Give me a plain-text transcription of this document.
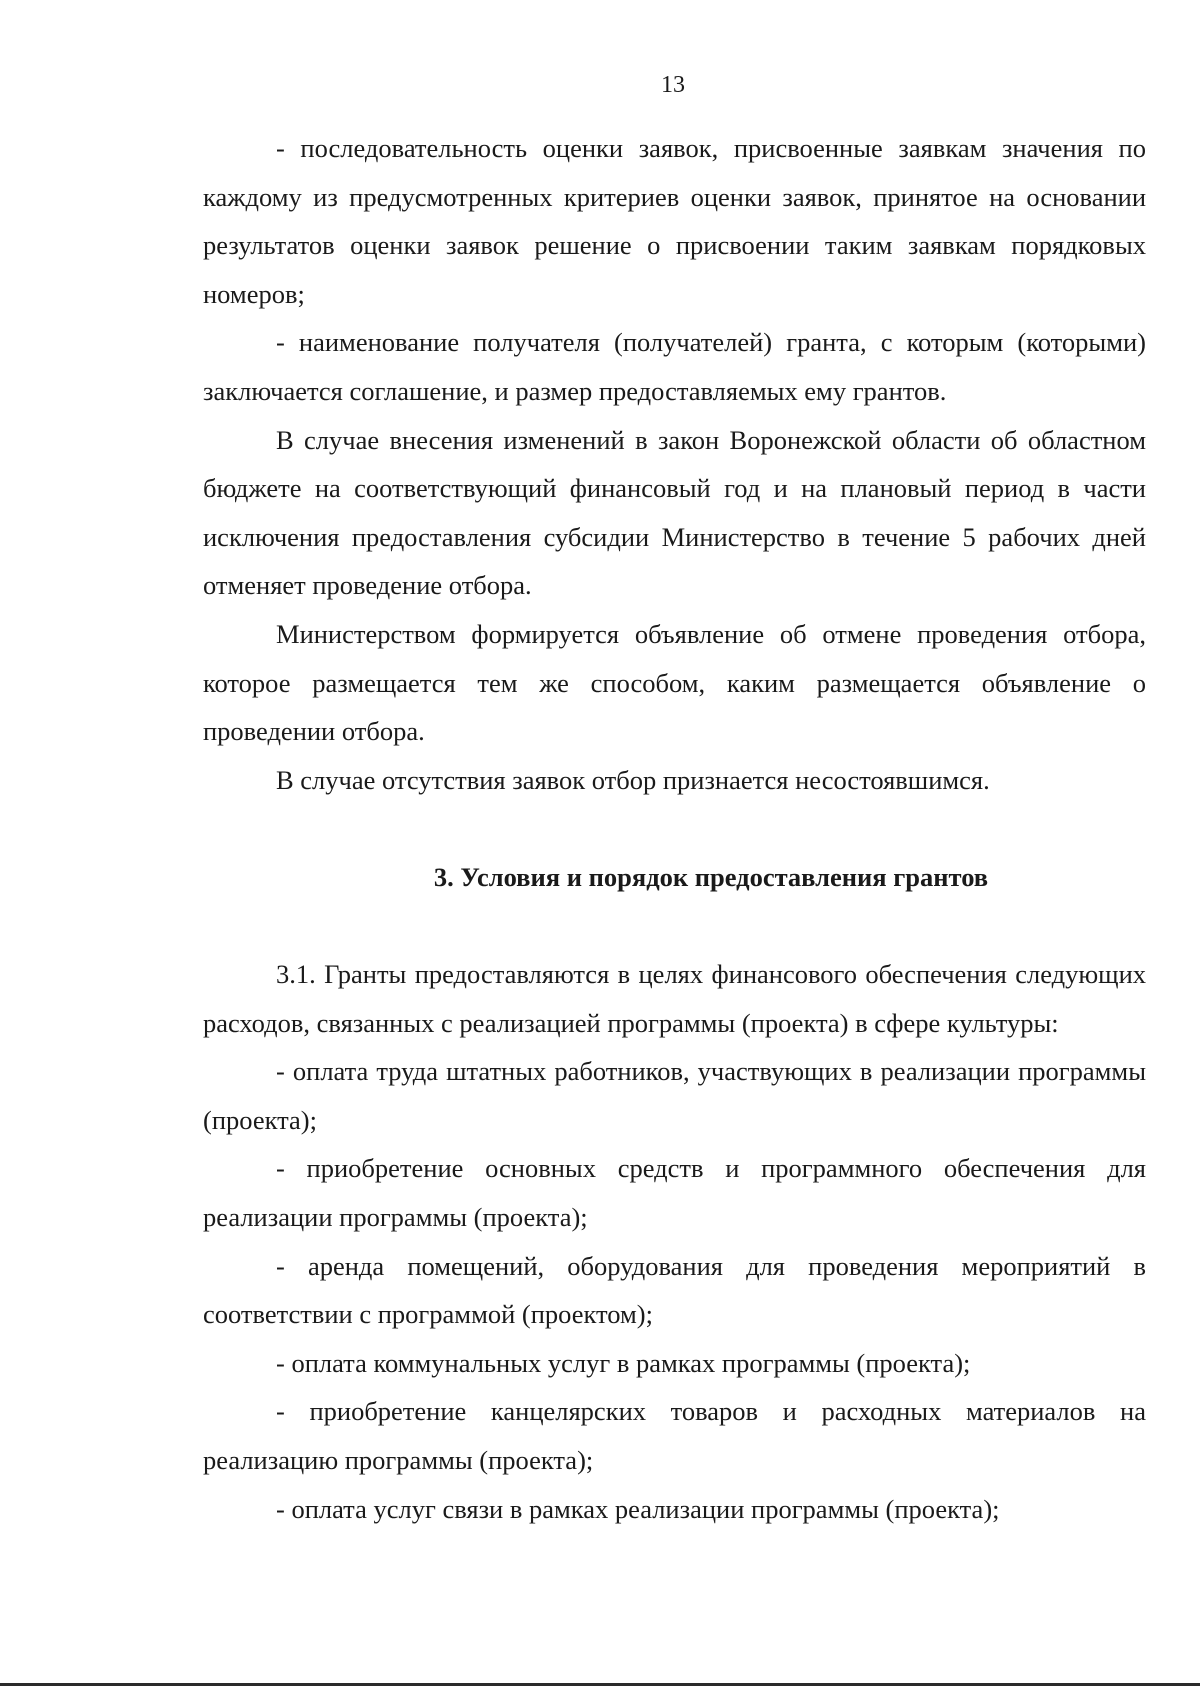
13

- последовательность оценки заявок, присвоенные заявкам значения по каждому из предусмотренных критериев оценки заявок, принятое на основании результатов оценки заявок решение о присвоении таким заявкам порядковых номеров;

- наименование получателя (получателей) гранта, с которым (которыми) заключается соглашение, и размер предоставляемых ему грантов.

В случае внесения изменений в закон Воронежской области об областном бюджете на соответствующий финансовый год и на плановый период в части исключения предоставления субсидии Министерство в течение 5 рабочих дней отменяет проведение отбора.

Министерством формируется объявление об отмене проведения отбора, которое размещается тем же способом, каким размещается объявление о проведении отбора.

В случае отсутствия заявок отбор признается несостоявшимся.

3. Условия и порядок предоставления грантов

3.1. Гранты предоставляются в целях финансового обеспечения следующих расходов, связанных с реализацией программы (проекта) в сфере культуры:

- оплата труда штатных работников, участвующих в реализации программы (проекта);

- приобретение основных средств и программного обеспечения для реализации программы (проекта);

- аренда помещений, оборудования для проведения мероприятий в соответствии с программой (проектом);

- оплата коммунальных услуг в рамках программы (проекта);

- приобретение канцелярских товаров и расходных материалов на реализацию программы (проекта);

- оплата услуг связи в рамках реализации программы (проекта);
